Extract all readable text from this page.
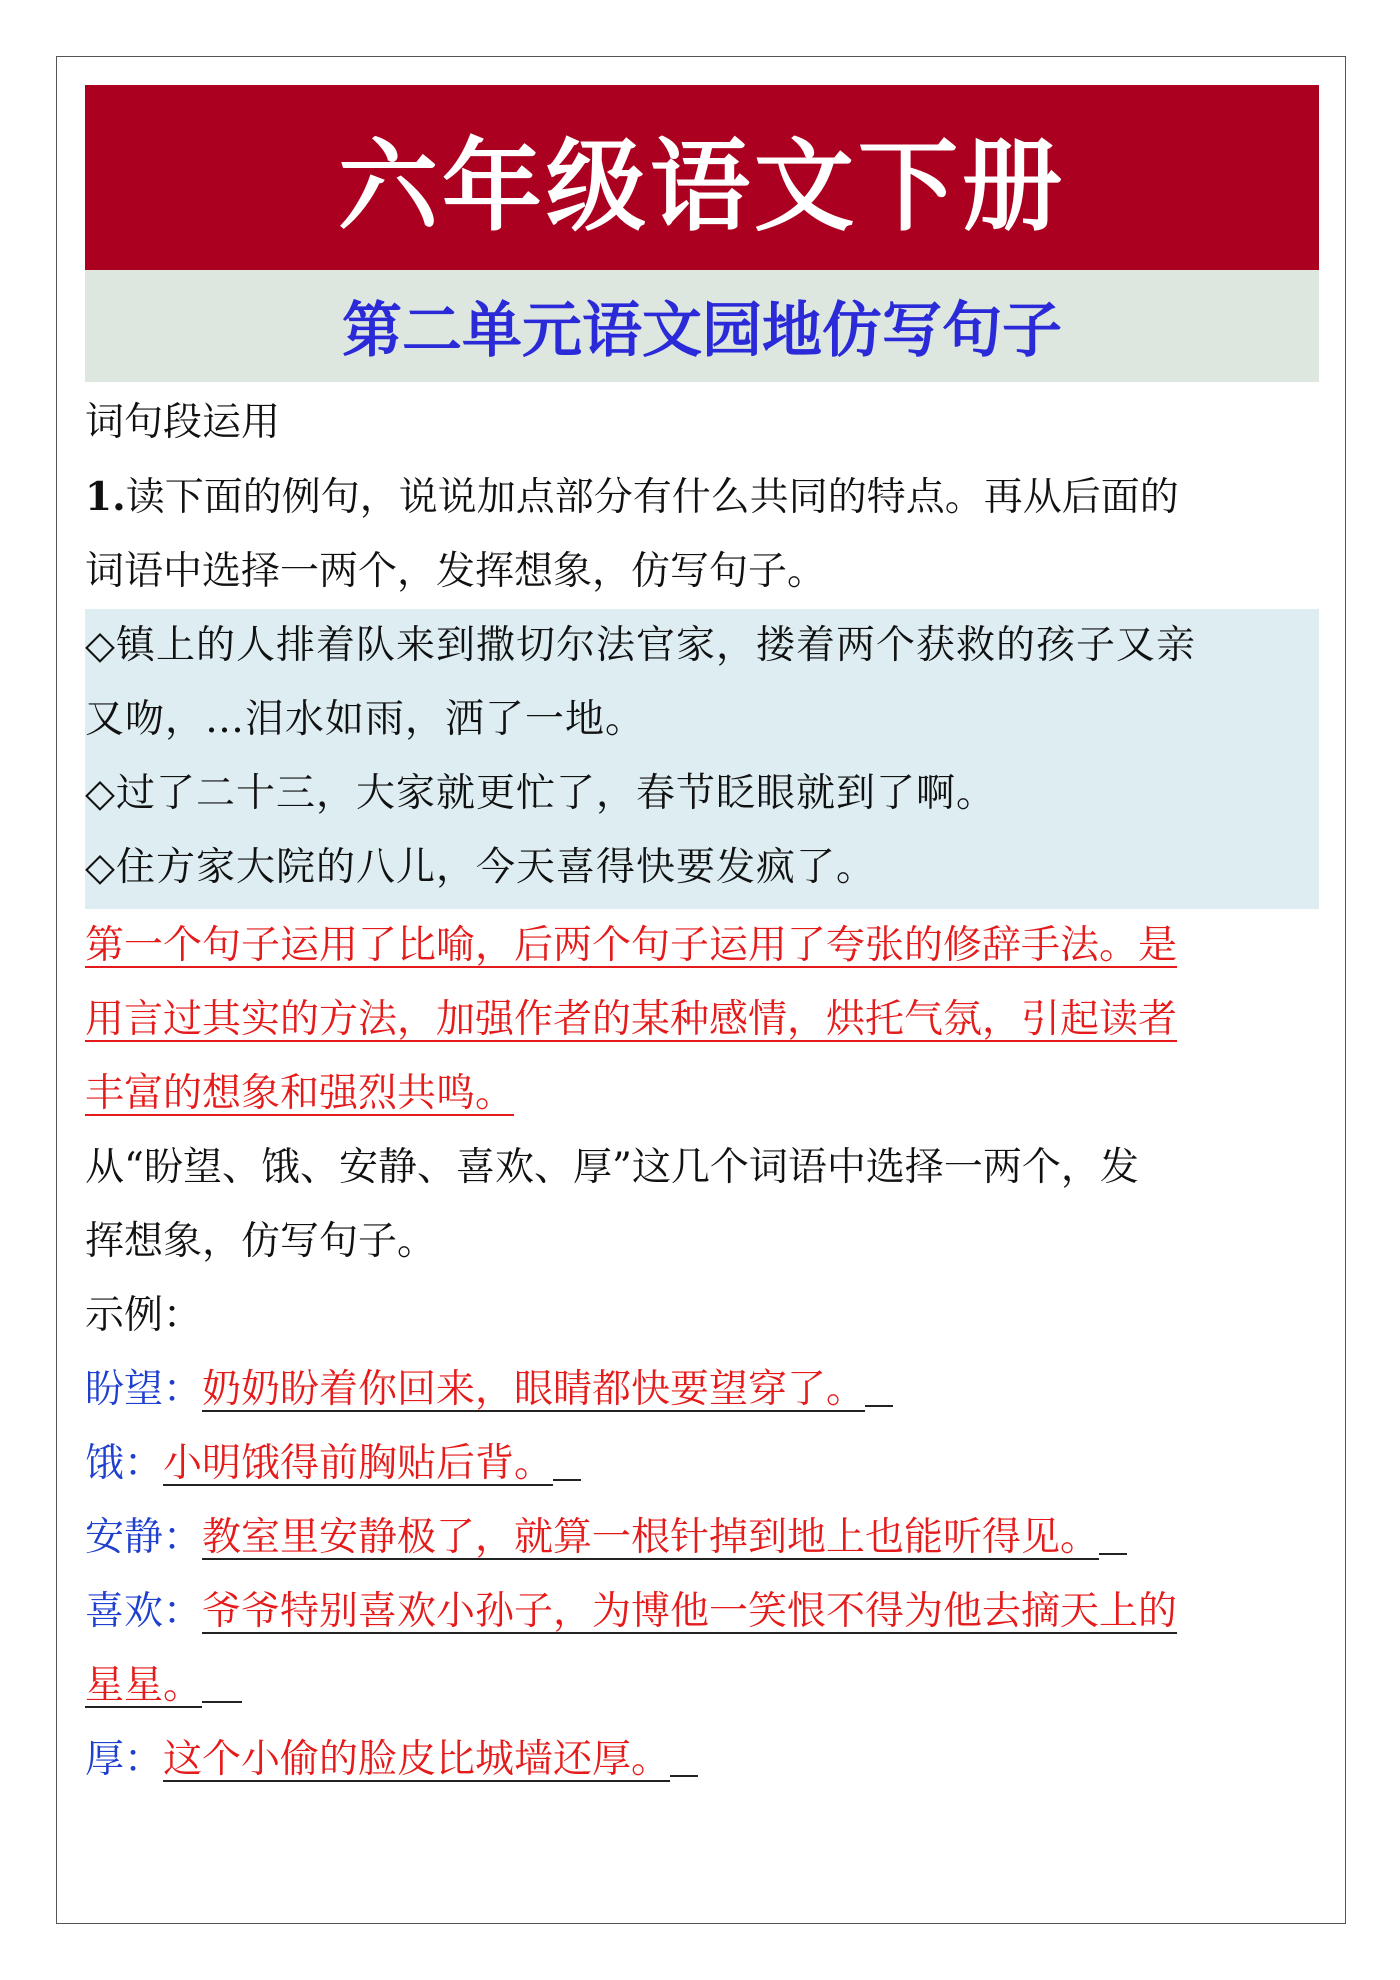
六年级语文下册
第二单元语文园地仿写句子

词句段运用

1.读下面的例句，说说加点部分有什么共同的特点。再从后面的

词语中选择一两个，发挥想象，仿写句子。

◇镇上的人排着队来到撒切尔法官家，搂着两个获救的孩子又亲

又吻，…泪水如雨，洒了一地。

◇过了二十三，大家就更忙了，春节眨眼就到了啊。

◇住方家大院的八儿，今天喜得快要发疯了。

第一个句子运用了比喻，后两个句子运用了夸张的修辞手法。是

用言过其实的方法，加强作者的某种感情，烘托气氛，引起读者

丰富的想象和强烈共鸣。

从“盼望、饿、安静、喜欢、厚”这几个词语中选择一两个，发

挥想象，仿写句子。

示例：

盼望：奶奶盼着你回来，眼睛都快要望穿了。

饿：小明饿得前胸贴后背。

安静：教室里安静极了，就算一根针掉到地上也能听得见。

喜欢：爷爷特别喜欢小孙子，为博他一笑恨不得为他去摘天上的

星星。

厚：这个小偷的脸皮比城墙还厚。
